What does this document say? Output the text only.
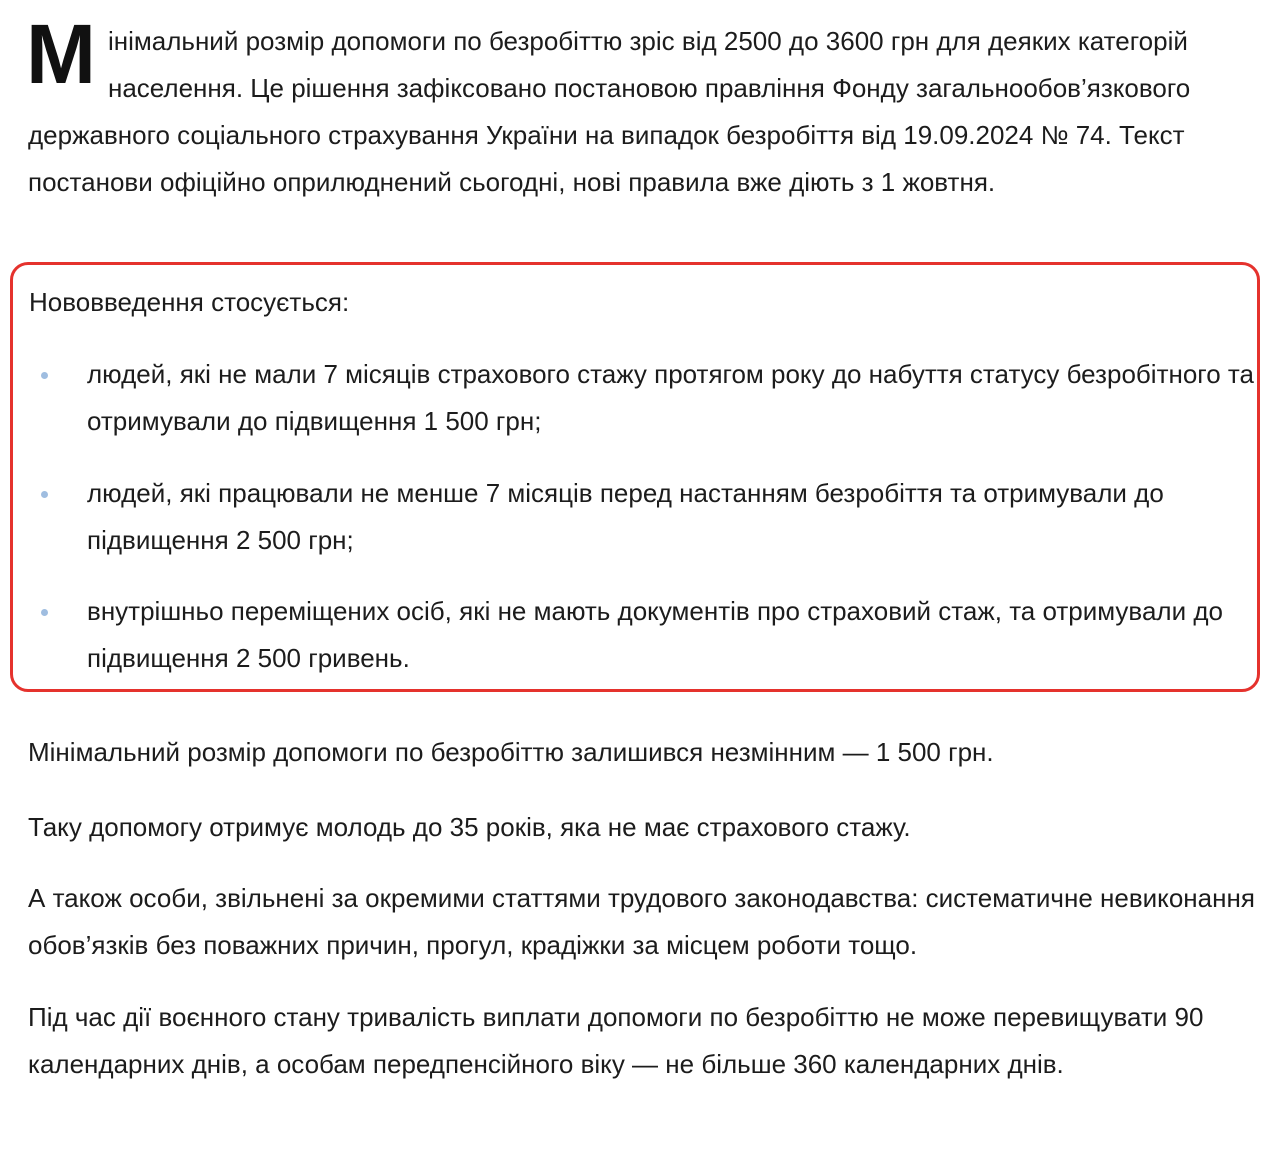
Мінімальний розмір допомоги по безробіттю зріс від 2500 до 3600 грн для деяких категорій населення. Це рішення зафіксовано постановою правління Фонду загальнообов’язкового державного соціального страхування України на випадок безробіття від 19.09.2024 № 74. Текст постанови офіційно оприлюднений сьогодні, нові правила вже діють з 1 жовтня.

Нововведення стосується:

людей, які не мали 7 місяців страхового стажу протягом року до набуття статусу безробітного та отримували до підвищення 1 500 грн;
людей, які працювали не менше 7 місяців перед настанням безробіття та отримували до підвищення 2 500 грн;
внутрішньо переміщених осіб, які не мають документів про страховий стаж, та отримували до підвищення 2 500 гривень.

Мінімальний розмір допомоги по безробіттю залишився незмінним — 1 500 грн.

Таку допомогу отримує молодь до 35 років, яка не має страхового стажу.

А також особи, звільнені за окремими статтями трудового законодавства: систематичне невиконання обов’язків без поважних причин, прогул, крадіжки за місцем роботи тощо.

Під час дії воєнного стану тривалість виплати допомоги по безробіттю не може перевищувати 90 календарних днів, а особам передпенсійного віку — не більше 360 календарних днів.
